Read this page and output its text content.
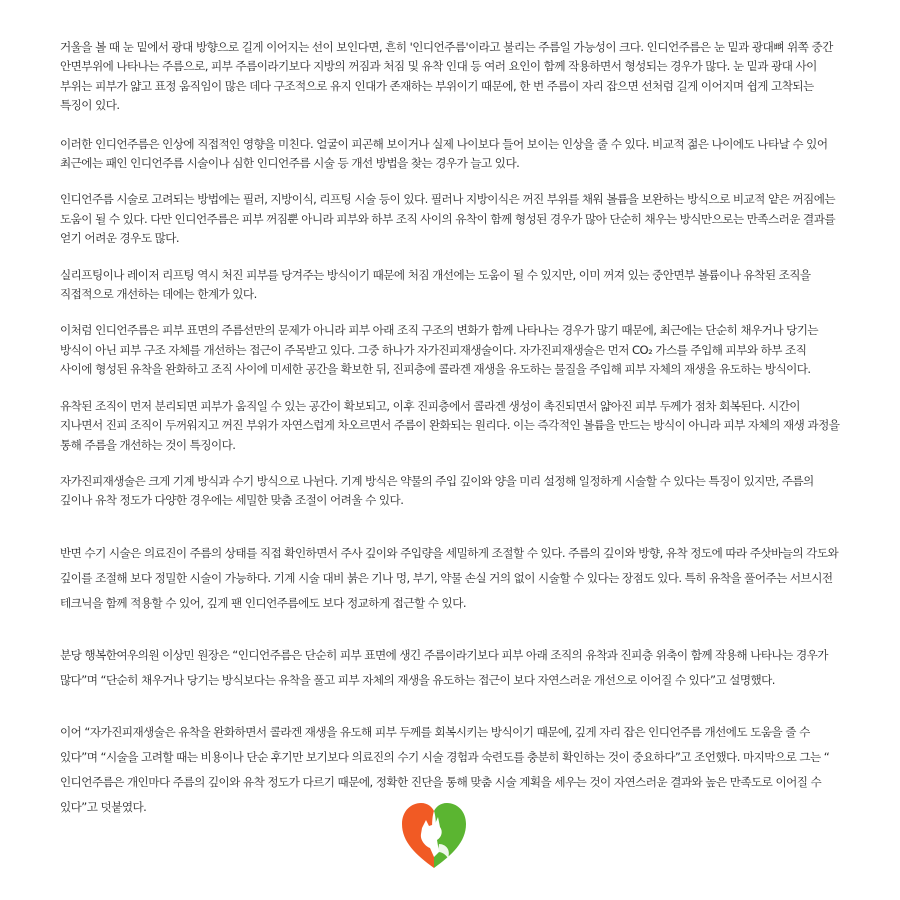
거울을 볼 때 눈 밑에서 광대 방향으로 길게 이어지는 선이 보인다면, 흔히 '인디언주름'이라고 불리는 주름일 가능성이 크다. 인디언주름은 눈 밑과 광대뼈 위쪽 중간
안면부위에 나타나는 주름으로, 피부 주름이라기보다 지방의 꺼짐과 처짐 및 유착 인대 등 여러 요인이 함께 작용하면서 형성되는 경우가 많다. 눈 밑과 광대 사이
부위는 피부가 얇고 표정 움직임이 많은 데다 구조적으로 유지 인대가 존재하는 부위이기 때문에, 한 번 주름이 자리 잡으면 선처럼 길게 이어지며 쉽게 고착되는
특징이 있다.

이러한 인디언주름은 인상에 직접적인 영향을 미친다. 얼굴이 피곤해 보이거나 실제 나이보다 들어 보이는 인상을 줄 수 있다. 비교적 젊은 나이에도 나타날 수 있어
최근에는 패인 인디언주름 시술이나 심한 인디언주름 시술 등 개선 방법을 찾는 경우가 늘고 있다.

인디언주름 시술로 고려되는 방법에는 필러, 지방이식, 리프팅 시술 등이 있다. 필러나 지방이식은 꺼진 부위를 채워 볼륨을 보완하는 방식으로 비교적 얕은 꺼짐에는
도움이 될 수 있다. 다만 인디언주름은 피부 꺼짐뿐 아니라 피부와 하부 조직 사이의 유착이 함께 형성된 경우가 많아 단순히 채우는 방식만으로는 만족스러운 결과를
얻기 어려운 경우도 많다.

실리프팅이나 레이저 리프팅 역시 처진 피부를 당겨주는 방식이기 때문에 처짐 개선에는 도움이 될 수 있지만, 이미 꺼져 있는 중안면부 볼륨이나 유착된 조직을
직접적으로 개선하는 데에는 한계가 있다.

이처럼 인디언주름은 피부 표면의 주름선만의 문제가 아니라 피부 아래 조직 구조의 변화가 함께 나타나는 경우가 많기 때문에, 최근에는 단순히 채우거나 당기는
방식이 아닌 피부 구조 자체를 개선하는 접근이 주목받고 있다. 그중 하나가 자가진피재생술이다. 자가진피재생술은 먼저 CO₂ 가스를 주입해 피부와 하부 조직
사이에 형성된 유착을 완화하고 조직 사이에 미세한 공간을 확보한 뒤, 진피층에 콜라겐 재생을 유도하는 물질을 주입해 피부 자체의 재생을 유도하는 방식이다.

유착된 조직이 먼저 분리되면 피부가 움직일 수 있는 공간이 확보되고, 이후 진피층에서 콜라겐 생성이 촉진되면서 얇아진 피부 두께가 점차 회복된다. 시간이
지나면서 진피 조직이 두꺼워지고 꺼진 부위가 자연스럽게 차오르면서 주름이 완화되는 원리다. 이는 즉각적인 볼륨을 만드는 방식이 아니라 피부 자체의 재생 과정을
통해 주름을 개선하는 것이 특징이다.

자가진피재생술은 크게 기계 방식과 수기 방식으로 나뉜다. 기계 방식은 약물의 주입 깊이와 양을 미리 설정해 일정하게 시술할 수 있다는 특징이 있지만, 주름의
깊이나 유착 정도가 다양한 경우에는 세밀한 맞춤 조절이 어려울 수 있다.

반면 수기 시술은 의료진이 주름의 상태를 직접 확인하면서 주사 깊이와 주입량을 세밀하게 조절할 수 있다. 주름의 깊이와 방향, 유착 정도에 따라 주삿바늘의 각도와
깊이를 조절해 보다 정밀한 시술이 가능하다. 기계 시술 대비 붉은 기나 멍, 부기, 약물 손실 거의 없이 시술할 수 있다는 장점도 있다. 특히 유착을 풀어주는 서브시전
테크닉을 함께 적용할 수 있어, 깊게 팬 인디언주름에도 보다 정교하게 접근할 수 있다.

분당 행복한여우의원 이상민 원장은 “인디언주름은 단순히 피부 표면에 생긴 주름이라기보다 피부 아래 조직의 유착과 진피층 위축이 함께 작용해 나타나는 경우가
많다”며 “단순히 채우거나 당기는 방식보다는 유착을 풀고 피부 자체의 재생을 유도하는 접근이 보다 자연스러운 개선으로 이어질 수 있다”고 설명했다.

이어 “자가진피재생술은 유착을 완화하면서 콜라겐 재생을 유도해 피부 두께를 회복시키는 방식이기 때문에, 깊게 자리 잡은 인디언주름 개선에도 도움을 줄 수
있다”며 “시술을 고려할 때는 비용이나 단순 후기만 보기보다 의료진의 수기 시술 경험과 숙련도를 충분히 확인하는 것이 중요하다”고 조언했다. 마지막으로 그는 “
인디언주름은 개인마다 주름의 깊이와 유착 정도가 다르기 때문에, 정확한 진단을 통해 맞춤 시술 계획을 세우는 것이 자연스러운 결과와 높은 만족도로 이어질 수
있다”고 덧붙였다.
